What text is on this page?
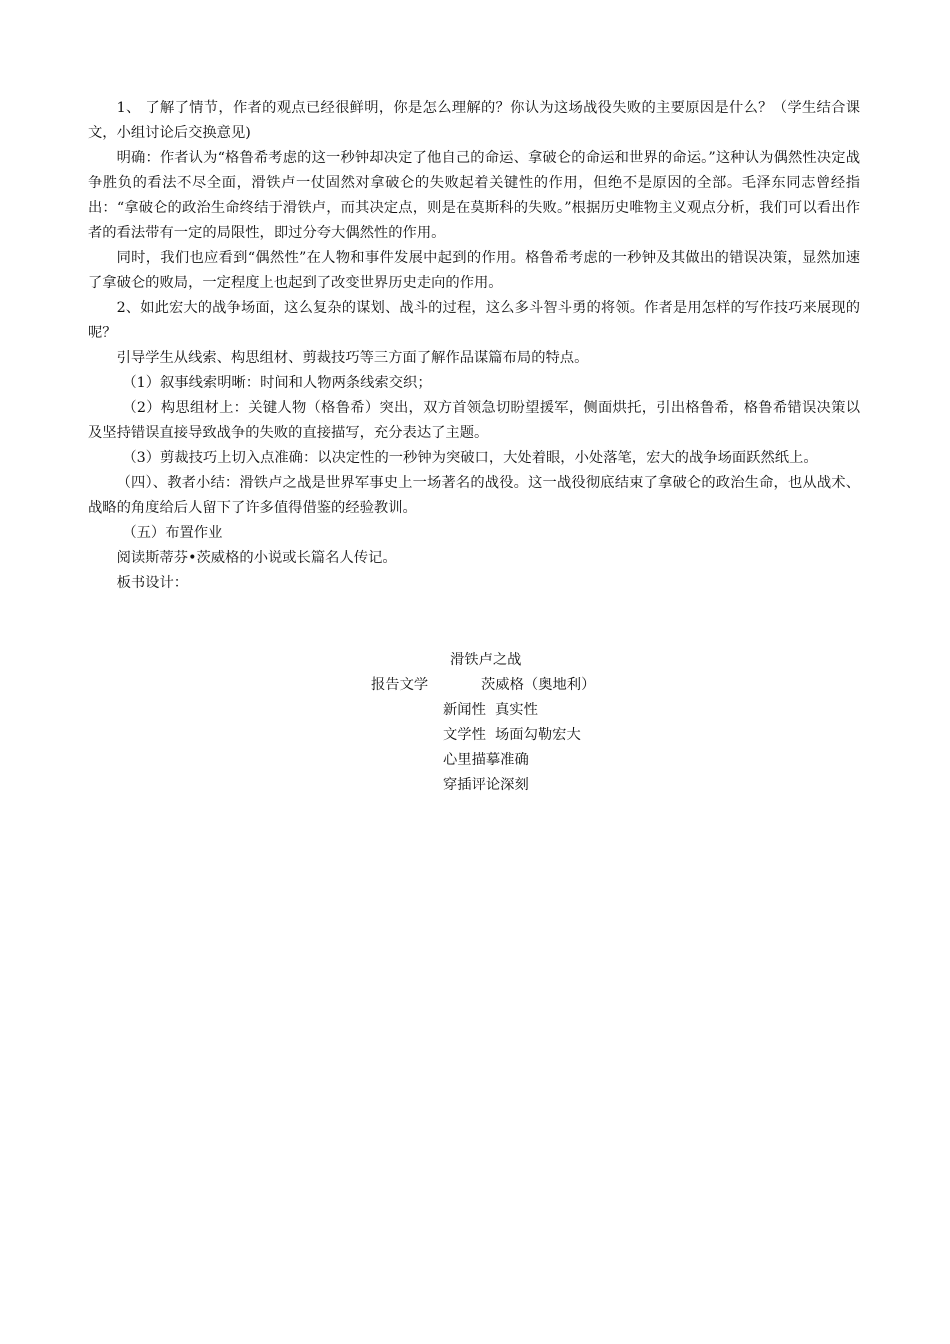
1、 了解了情节，作者的观点已经很鲜明，你是怎么理解的？你认为这场战役失败的主要原因是什么？（学生结合课文，小组讨论后交换意见)

明确：作者认为“格鲁希考虑的这一秒钟却决定了他自己的命运、拿破仑的命运和世界的命运。”这种认为偶然性决定战争胜负的看法不尽全面，滑铁卢一仗固然对拿破仑的失败起着关键性的作用，但绝不是原因的全部。毛泽东同志曾经指出：“拿破仑的政治生命终结于滑铁卢，而其决定点，则是在莫斯科的失败。”根据历史唯物主义观点分析，我们可以看出作者的看法带有一定的局限性，即过分夸大偶然性的作用。

同时，我们也应看到“偶然性”在人物和事件发展中起到的作用。格鲁希考虑的一秒钟及其做出的错误决策，显然加速了拿破仑的败局，一定程度上也起到了改变世界历史走向的作用。

2、如此宏大的战争场面，这么复杂的谋划、战斗的过程，这么多斗智斗勇的将领。作者是用怎样的写作技巧来展现的呢？

引导学生从线索、构思组材、剪裁技巧等三方面了解作品谋篇布局的特点。

（1）叙事线索明晰：时间和人物两条线索交织；

（2）构思组材上：关键人物（格鲁希）突出，双方首领急切盼望援军，侧面烘托，引出格鲁希，格鲁希错误决策以及坚持错误直接导致战争的失败的直接描写，充分表达了主题。

（3）剪裁技巧上切入点准确：以决定性的一秒钟为突破口，大处着眼，小处落笔，宏大的战争场面跃然纸上。

（四）、教者小结：滑铁卢之战是世界军事史上一场著名的战役。这一战役彻底结束了拿破仑的政治生命，也从战术、战略的角度给后人留下了许多值得借鉴的经验教训。

（五）布置作业

阅读斯蒂芬•茨威格的小说或长篇名人传记。

板书设计：

滑铁卢之战
报告文学	茨威格（奥地利）
新闻性  真实性
文学性  场面勾勒宏大
心里描摹准确
穿插评论深刻
